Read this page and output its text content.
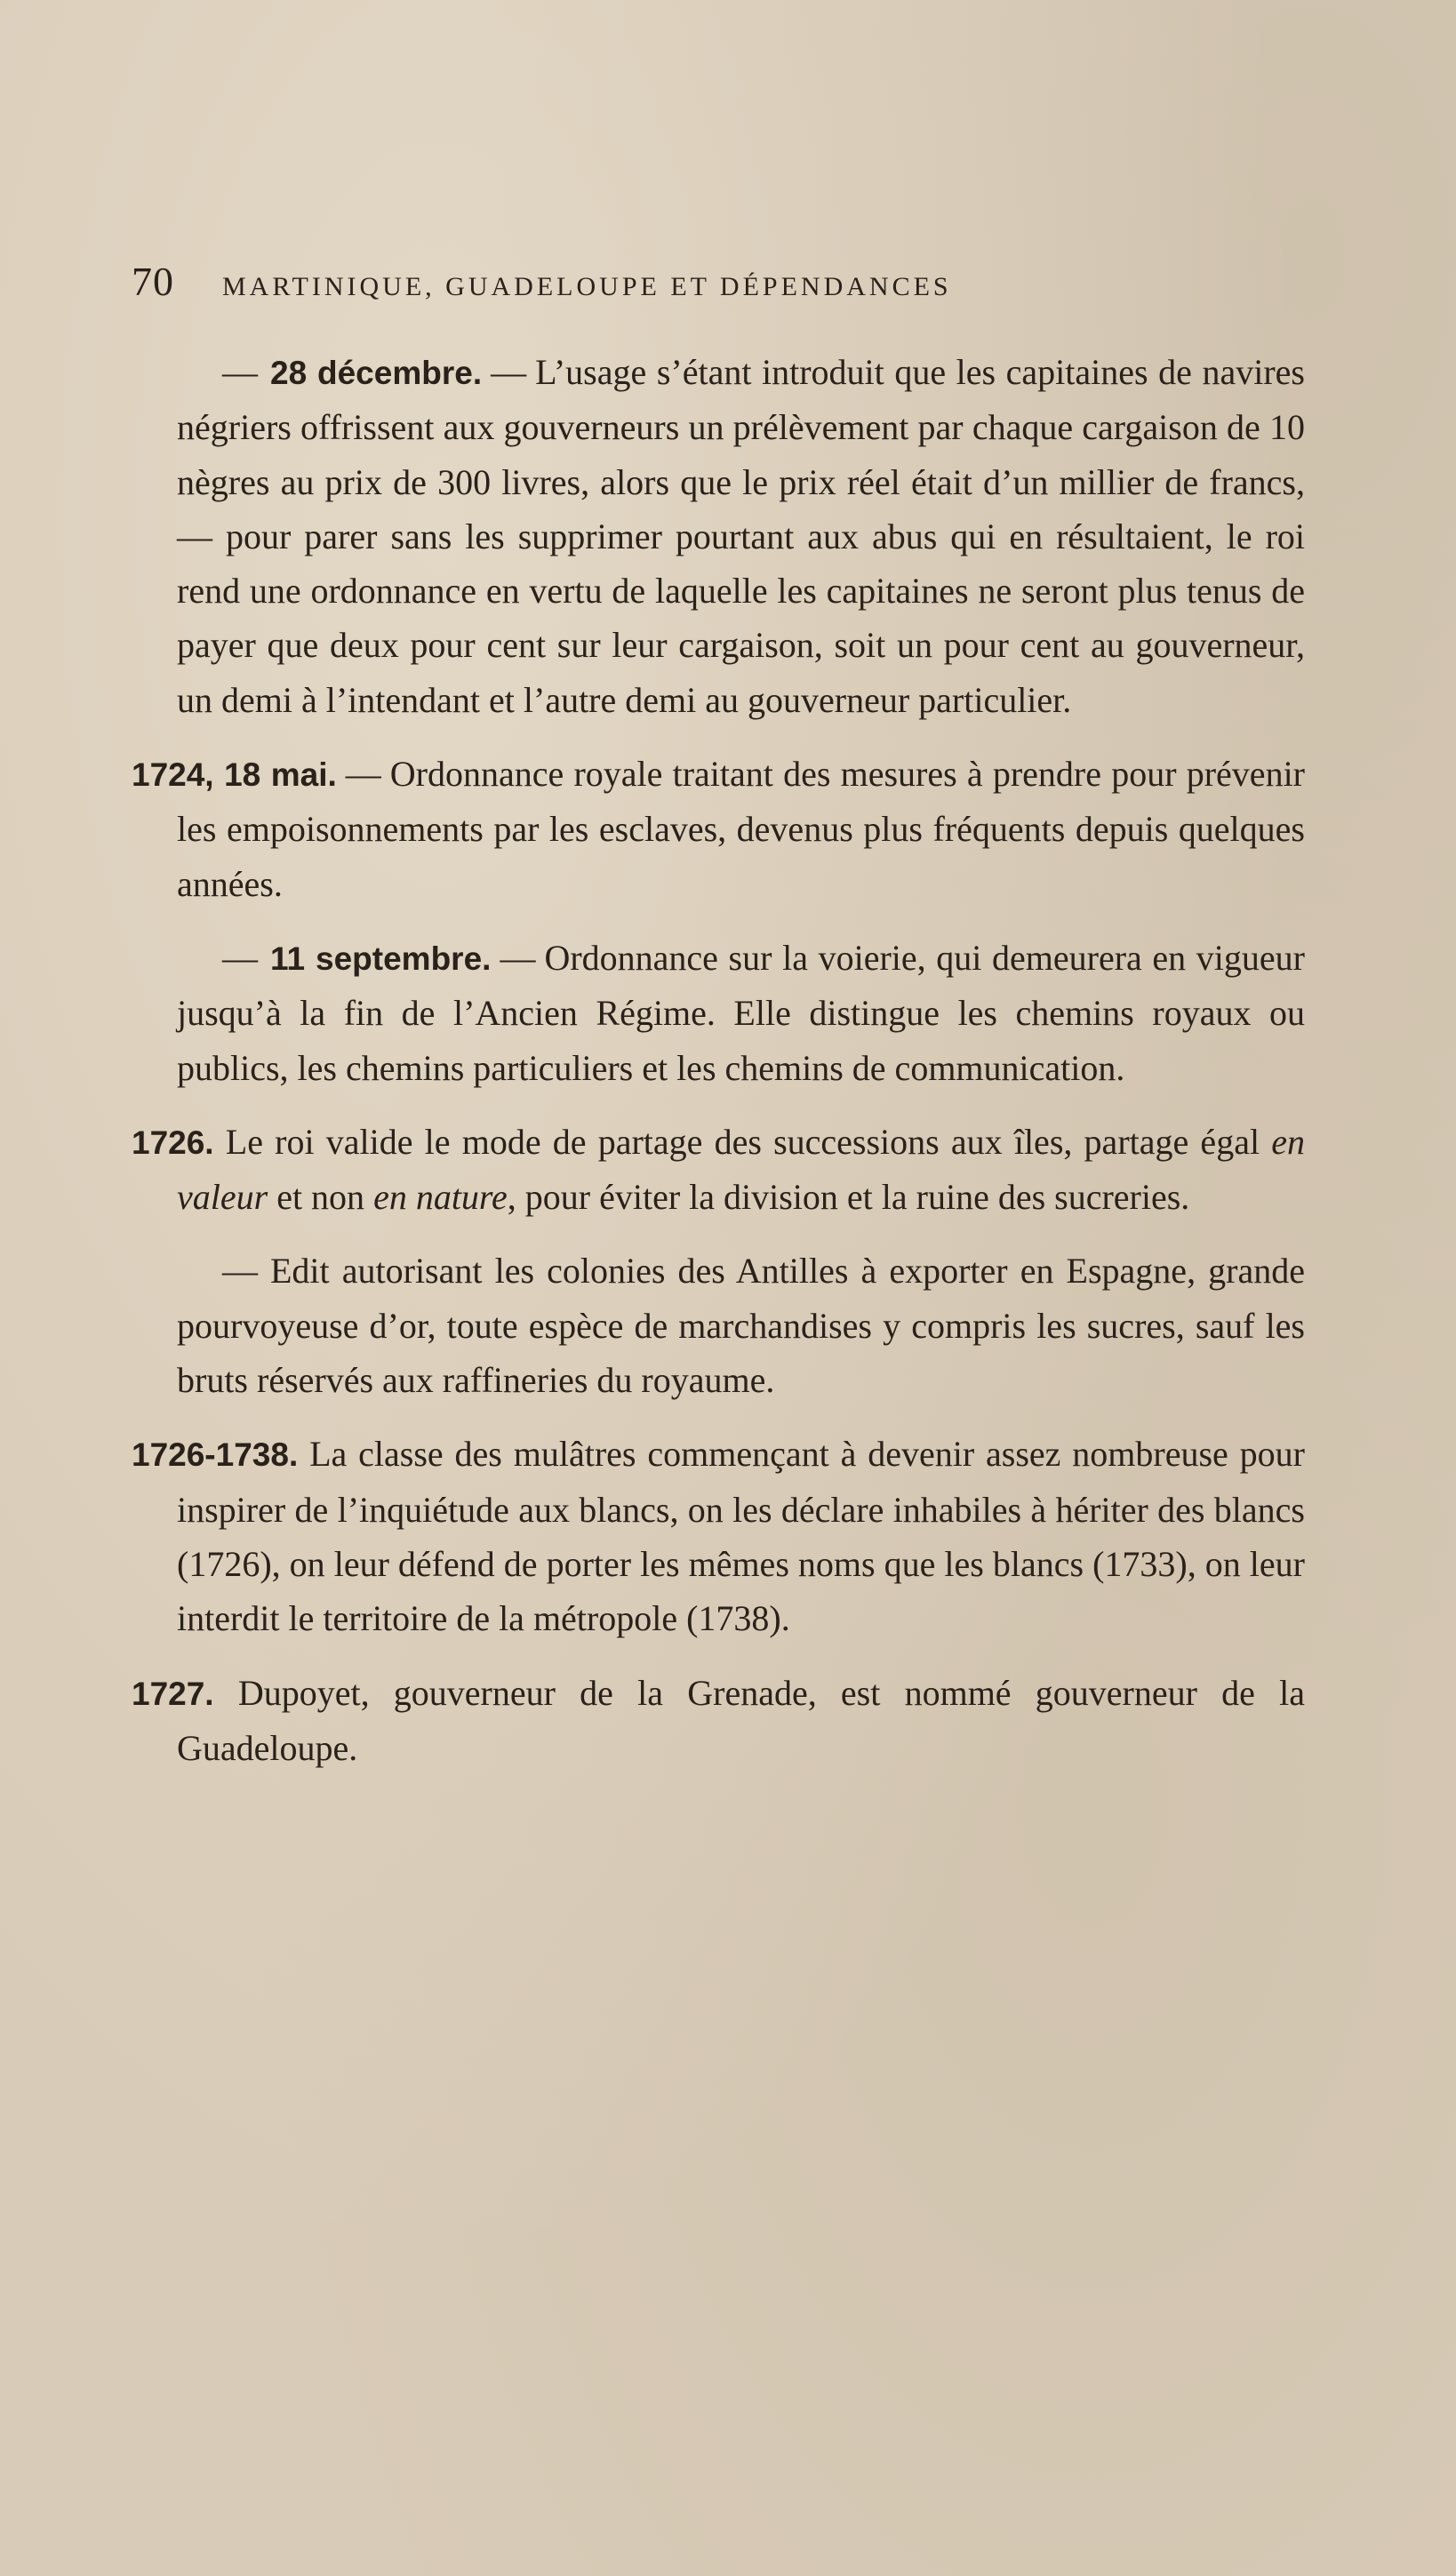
70 MARTINIQUE, GUADELOUPE ET DÉPENDANCES

— 28 décembre. — L’usage s’étant introduit que les capitaines de navires négriers offrissent aux gouverneurs un prélèvement par chaque cargaison de 10 nègres au prix de 300 livres, alors que le prix réel était d’un millier de francs, — pour parer sans les supprimer pourtant aux abus qui en résultaient, le roi rend une ordonnance en vertu de laquelle les capitaines ne seront plus tenus de payer que deux pour cent sur leur cargaison, soit un pour cent au gouverneur, un demi à l’intendant et l’autre demi au gouverneur particulier.

1724, 18 mai. — Ordonnance royale traitant des mesures à prendre pour prévenir les empoisonnements par les esclaves, devenus plus fréquents depuis quelques années.

— 11 septembre. — Ordonnance sur la voierie, qui demeurera en vigueur jusqu’à la fin de l’Ancien Régime. Elle distingue les chemins royaux ou publics, les chemins particuliers et les chemins de communication.

1726. Le roi valide le mode de partage des successions aux îles, partage égal en valeur et non en nature, pour éviter la division et la ruine des sucreries.

— Edit autorisant les colonies des Antilles à exporter en Espagne, grande pourvoyeuse d’or, toute espèce de marchandises y compris les sucres, sauf les bruts réservés aux raffineries du royaume.

1726-1738. La classe des mulâtres commençant à devenir assez nombreuse pour inspirer de l’inquiétude aux blancs, on les déclare inhabiles à hériter des blancs (1726), on leur défend de porter les mêmes noms que les blancs (1733), on leur interdit le territoire de la métropole (1738).

1727. Dupoyet, gouverneur de la Grenade, est nommé gouverneur de la Guadeloupe.
